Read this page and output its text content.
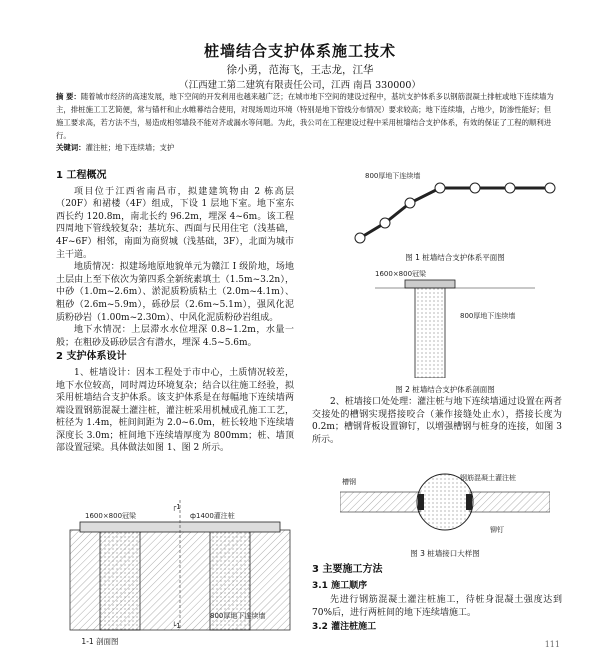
桩墙结合支护体系施工技术
徐小勇，范海飞，王志龙，江华
（江西建工第二建筑有限责任公司，江西 南昌 330000）
摘 要：随着城市经济的高速发展，地下空间的开发利用也越来越广泛；在城市地下空间的建设过程中，基坑支护体系多以钢筋混凝土排桩或地下连续墙为主，排桩施工工艺简便，常与锚杆和止水帷幕结合使用，对现场周边环境（特别是地下管线分布情况）要求较高；地下连续墙，占地少，防渗性能好；但施工要求高，若方法不当，易造成相邻墙段不能对齐或漏水等问题。为此，我公司在工程建设过程中采用桩墙结合支护体系，有效的保证了工程的顺利进行。
关键词：灌注桩；地下连续墙；支护
1 工程概况

项目位于江西省南昌市，拟建建筑物由 2 栋高层（20F）和裙楼（4F）组成，下设 1 层地下室。地下室东西长约 120.8m，南北长约 96.2m，埋深 4~6m。该工程四周地下管线较复杂；基坑东、西面与民用住宅（浅基础，4F~6F）相邻，南面为商贸城（浅基础，3F），北面为城市主干道。

地质情况：拟建场地原地貌单元为赣江 I 级阶地，场地土层由上至下依次为第四系全新统素填土（1.5m~3.2n），中砂（1.0m~2.6m）、淤泥质粉质粘土（2.0m~4.1m）、粗砂（2.6m~5.9m），砾砂层（2.6m~5.1m），强风化泥质粉砂岩（1.00m~2.30m）、中风化泥质粉砂岩组成。

地下水情况：上层滞水水位埋深 0.8~1.2m，水量一般；在粗砂及砾砂层含有潜水，埋深 4.5~5.6m。

2 支护体系设计

1、桩墙设计：因本工程处于市中心，土质情况较差，地下水位较高，同时周边环境复杂；结合以往施工经验，拟采用桩墙结合支护体系。该支护体系是在每幅地下连续墙两端设置钢筋混凝土灌注桩，灌注桩采用机械成孔施工工艺，桩径为 1.4m，桩间间距为 2.0~6.0m，桩长较地下连续墙深度长 3.0m；桩间地下连续墙厚度为 800mm；桩、墙顶部设置冠梁。具体做法如图 1、图 2 所示。

┌1
└1
1600×800冠梁	ф1400灌注桩
800厚地下连续墙
1-1 剖面图
800厚地下连续墙
图 1 桩墙结合支护体系平面图
1600×800冠梁
800厚地下连续墙
图 2 桩墙结合支护体系剖面图

2、桩墙接口处处理：灌注桩与地下连续墙通过设置在两者交接处的槽钢实现搭接咬合（兼作接缝处止水），搭接长度为 0.2m；槽钢背板设置铆钉，以增强槽钢与桩身的连接，如图 3 所示。

槽钢	钢筋混凝土灌注桩
铆钉
图 3 桩墙接口大样图
3 主要施工方法
3.1 施工顺序

先进行钢筋混凝土灌注桩施工，待桩身混凝土强度达到 70%后，进行两桩间的地下连续墙施工。

3.2 灌注桩施工
111
